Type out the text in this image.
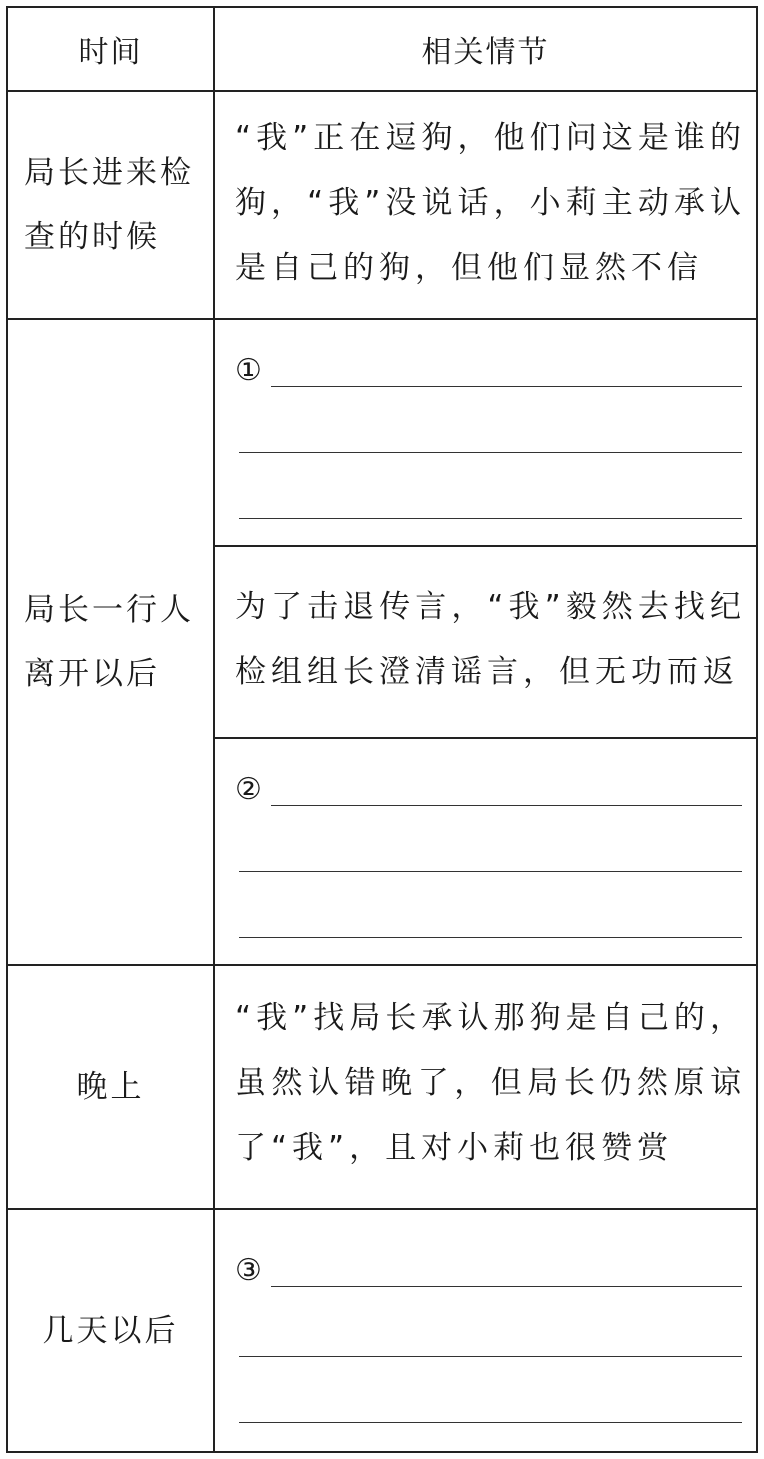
时间	相关情节
局长进来检查的时候
“我”正在逗狗，他们问这是谁的狗，“我”没说话，小莉主动承认是自己的狗，但他们显然不信
局长一行人离开以后
①
为了击退传言，“我”毅然去找纪检组组长澄清谣言，但无功而返
②
晚上
“我”找局长承认那狗是自己的，虽然认错晚了，但局长仍然原谅了“我”，且对小莉也很赞赏
几天以后
③
